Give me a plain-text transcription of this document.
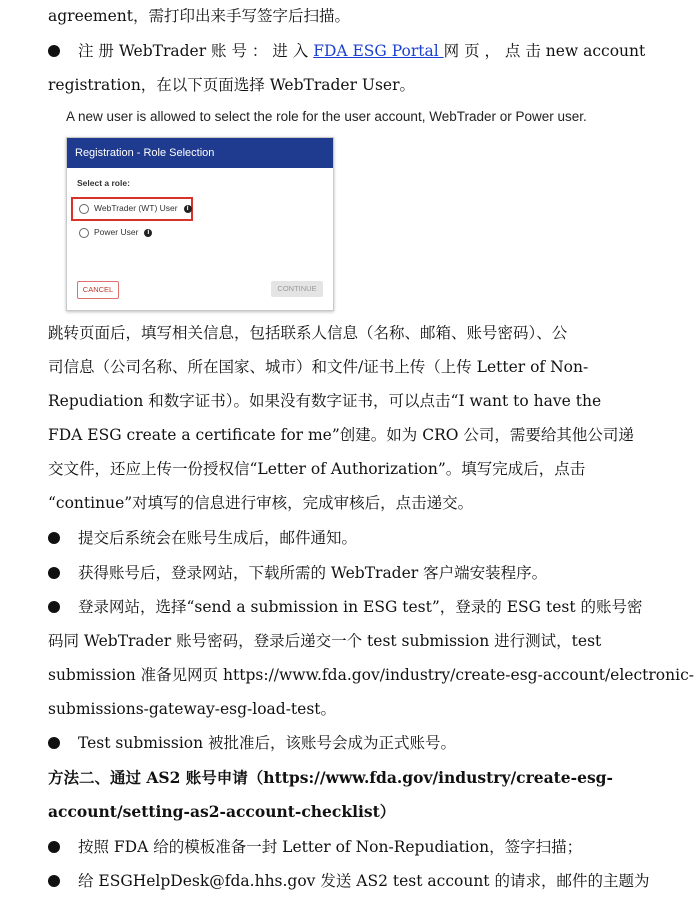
agreement，需打印出来手写签字后扫描。
注 册 WebTrader 账 号 ： 进 入 FDA ESG Portal 网 页 ， 点 击 new account
registration，在以下页面选择 WebTrader User。
A new user is allowed to select the role for the user account, WebTrader or Power user.
Registration - Role Selection
Select a role:
WebTrader (WT) User i
Power User i
CANCEL	CONTINUE
跳转页面后，填写相关信息，包括联系人信息（名称、邮箱、账号密码）、公
司信息（公司名称、所在国家、城市）和文件/证书上传（上传 Letter of Non-
Repudiation 和数字证书）。如果没有数字证书，可以点击“I want to have the
FDA ESG create a certificate for me”创建。如为 CRO 公司，需要给其他公司递
交文件，还应上传一份授权信“Letter of Authorization”。填写完成后，点击
“continue”对填写的信息进行审核，完成审核后，点击递交。
提交后系统会在账号生成后，邮件通知。
获得账号后，登录网站，下载所需的 WebTrader 客户端安装程序。
登录网站，选择“send a submission in ESG test”，登录的 ESG test 的账号密
码同 WebTrader 账号密码，登录后递交一个 test submission 进行测试，test
submission 准备见网页 https://www.fda.gov/industry/create-esg-account/electronic-
submissions-gateway-esg-load-test。
Test submission 被批准后，该账号会成为正式账号。
方法二、通过 AS2 账号申请（https://www.fda.gov/industry/create-esg-
account/setting-as2-account-checklist）
按照 FDA 给的模板准备一封 Letter of Non-Repudiation，签字扫描；
给 ESGHelpDesk@fda.hhs.gov 发送 AS2 test account 的请求，邮件的主题为
